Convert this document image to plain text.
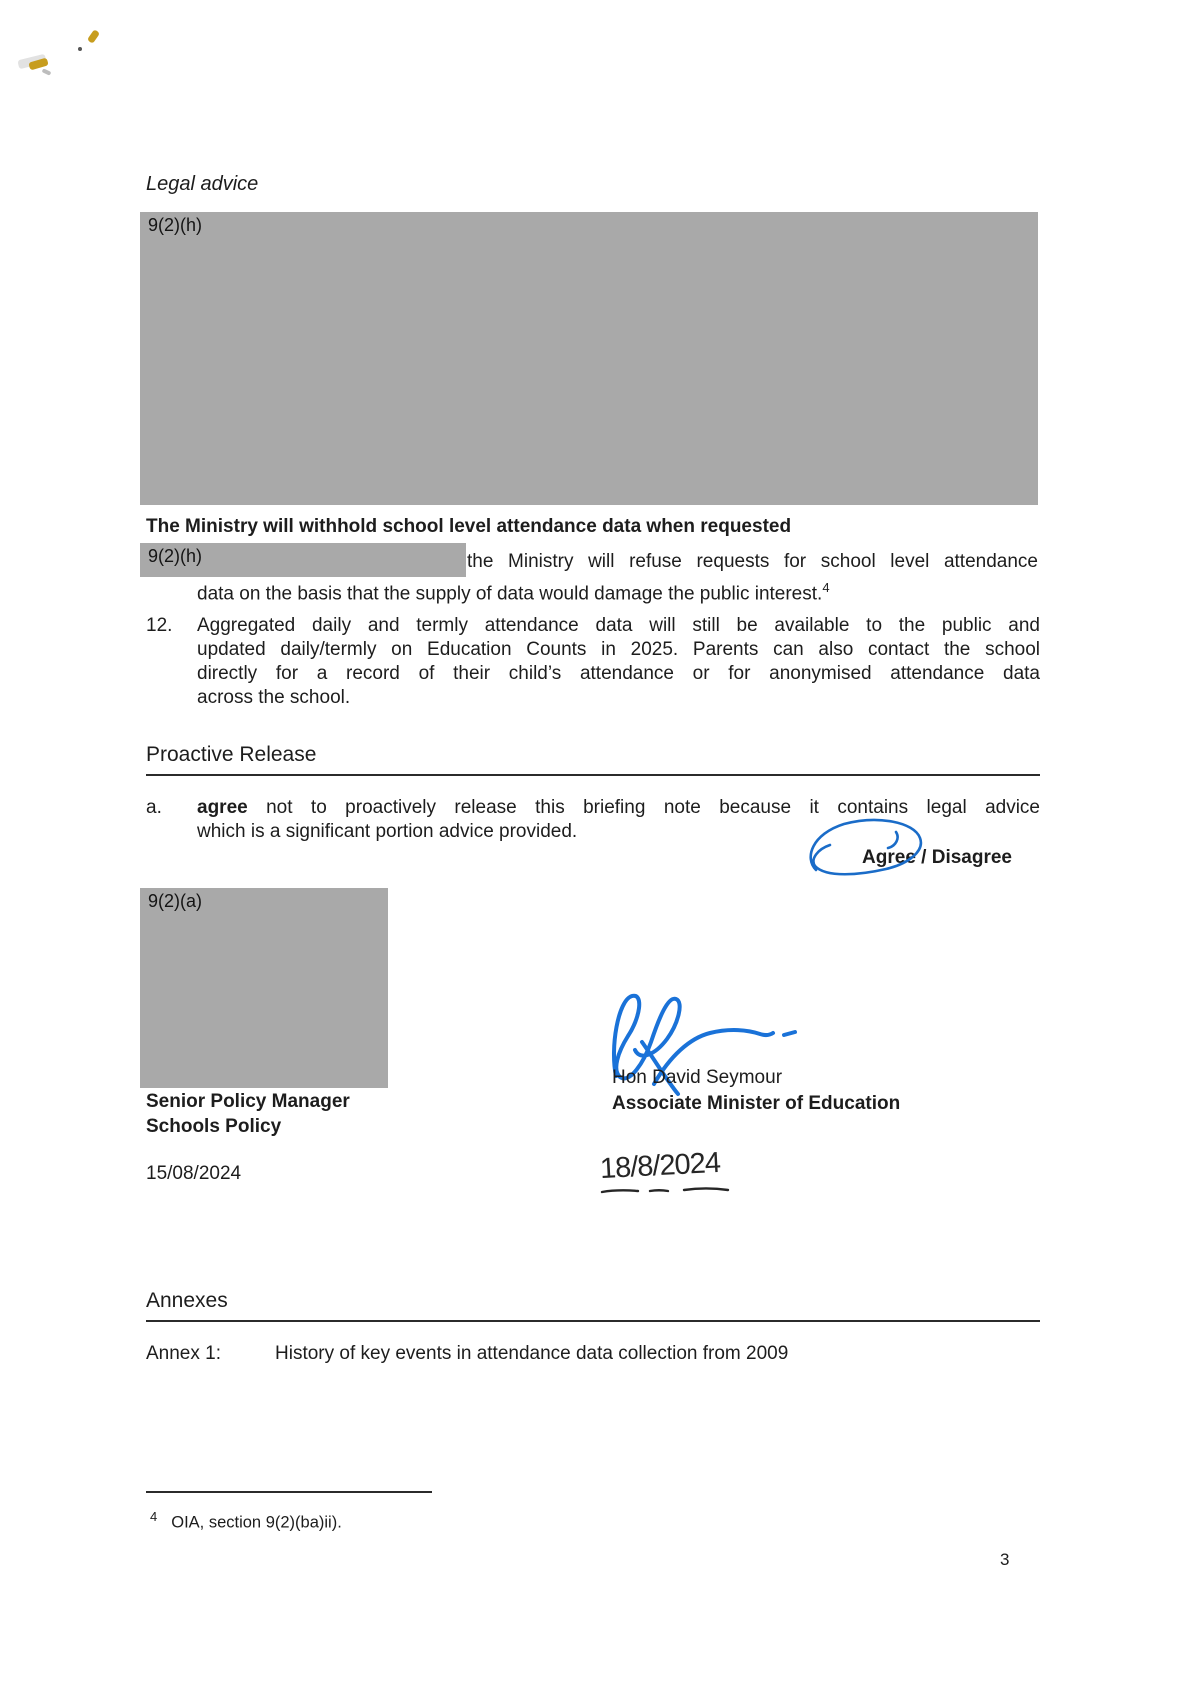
Legal advice
9(2)(h)
The Ministry will withhold school level attendance data when requested
9(2)(h)	the Ministry will refuse requests for school level attendance
data on the basis that the supply of data would damage the public interest.$^4$
12. Aggregated daily and termly attendance data will still be available to the public and
updated daily/termly on Education Counts in 2025. Parents can also contact the school
directly for a record of their child’s attendance or for anonymised attendance data
across the school.
Proactive Release
a. agree not to proactively release this briefing note because it contains legal advice
which is a significant portion advice provided.
Agree / Disagree
9(2)(a)
Hon David Seymour
Associate Minister of Education
Senior Policy Manager
Schools Policy
15/08/2024	18/8/2024
Annexes
Annex 1:	History of key events in attendance data collection from 2009
$^4$ OIA, section 9(2)(ba)ii).
3
